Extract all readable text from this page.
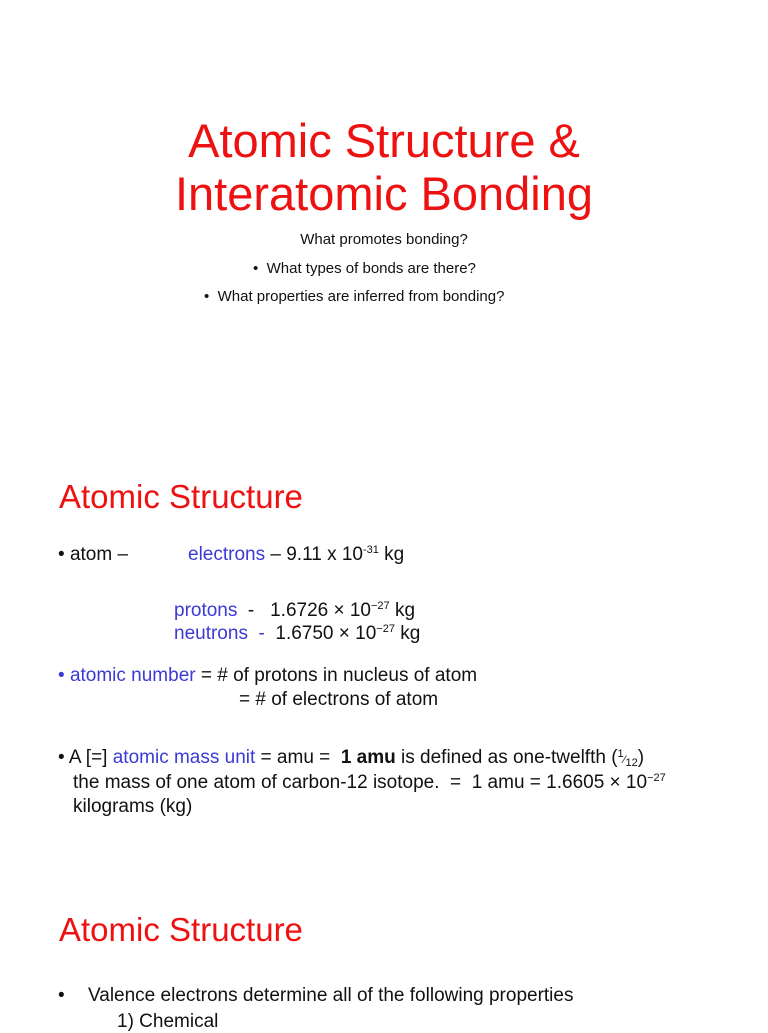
Atomic Structure &
Interatomic Bonding
What promotes bonding?
• What types of bonds are there?
• What properties are inferred from bonding?
Atomic Structure
• atom –	electrons – 9.11 x $10^{-31}$ kg
protons  -   $1.6726 \times 10^{-27}$ kg
neutrons  -  $1.6750 \times 10^{-27}$ kg
• atomic number = # of protons in nucleus of atom
= # of electrons of atom
• A [=] atomic mass unit = amu =  1 amu is defined as one-twelfth (1⁄12)
the mass of one atom of carbon-12 isotope.  =  1 amu = $1.6605 \times 10^{-27}$
kilograms (kg)
Atomic Structure
• Valence electrons determine all of the following properties
1) Chemical
